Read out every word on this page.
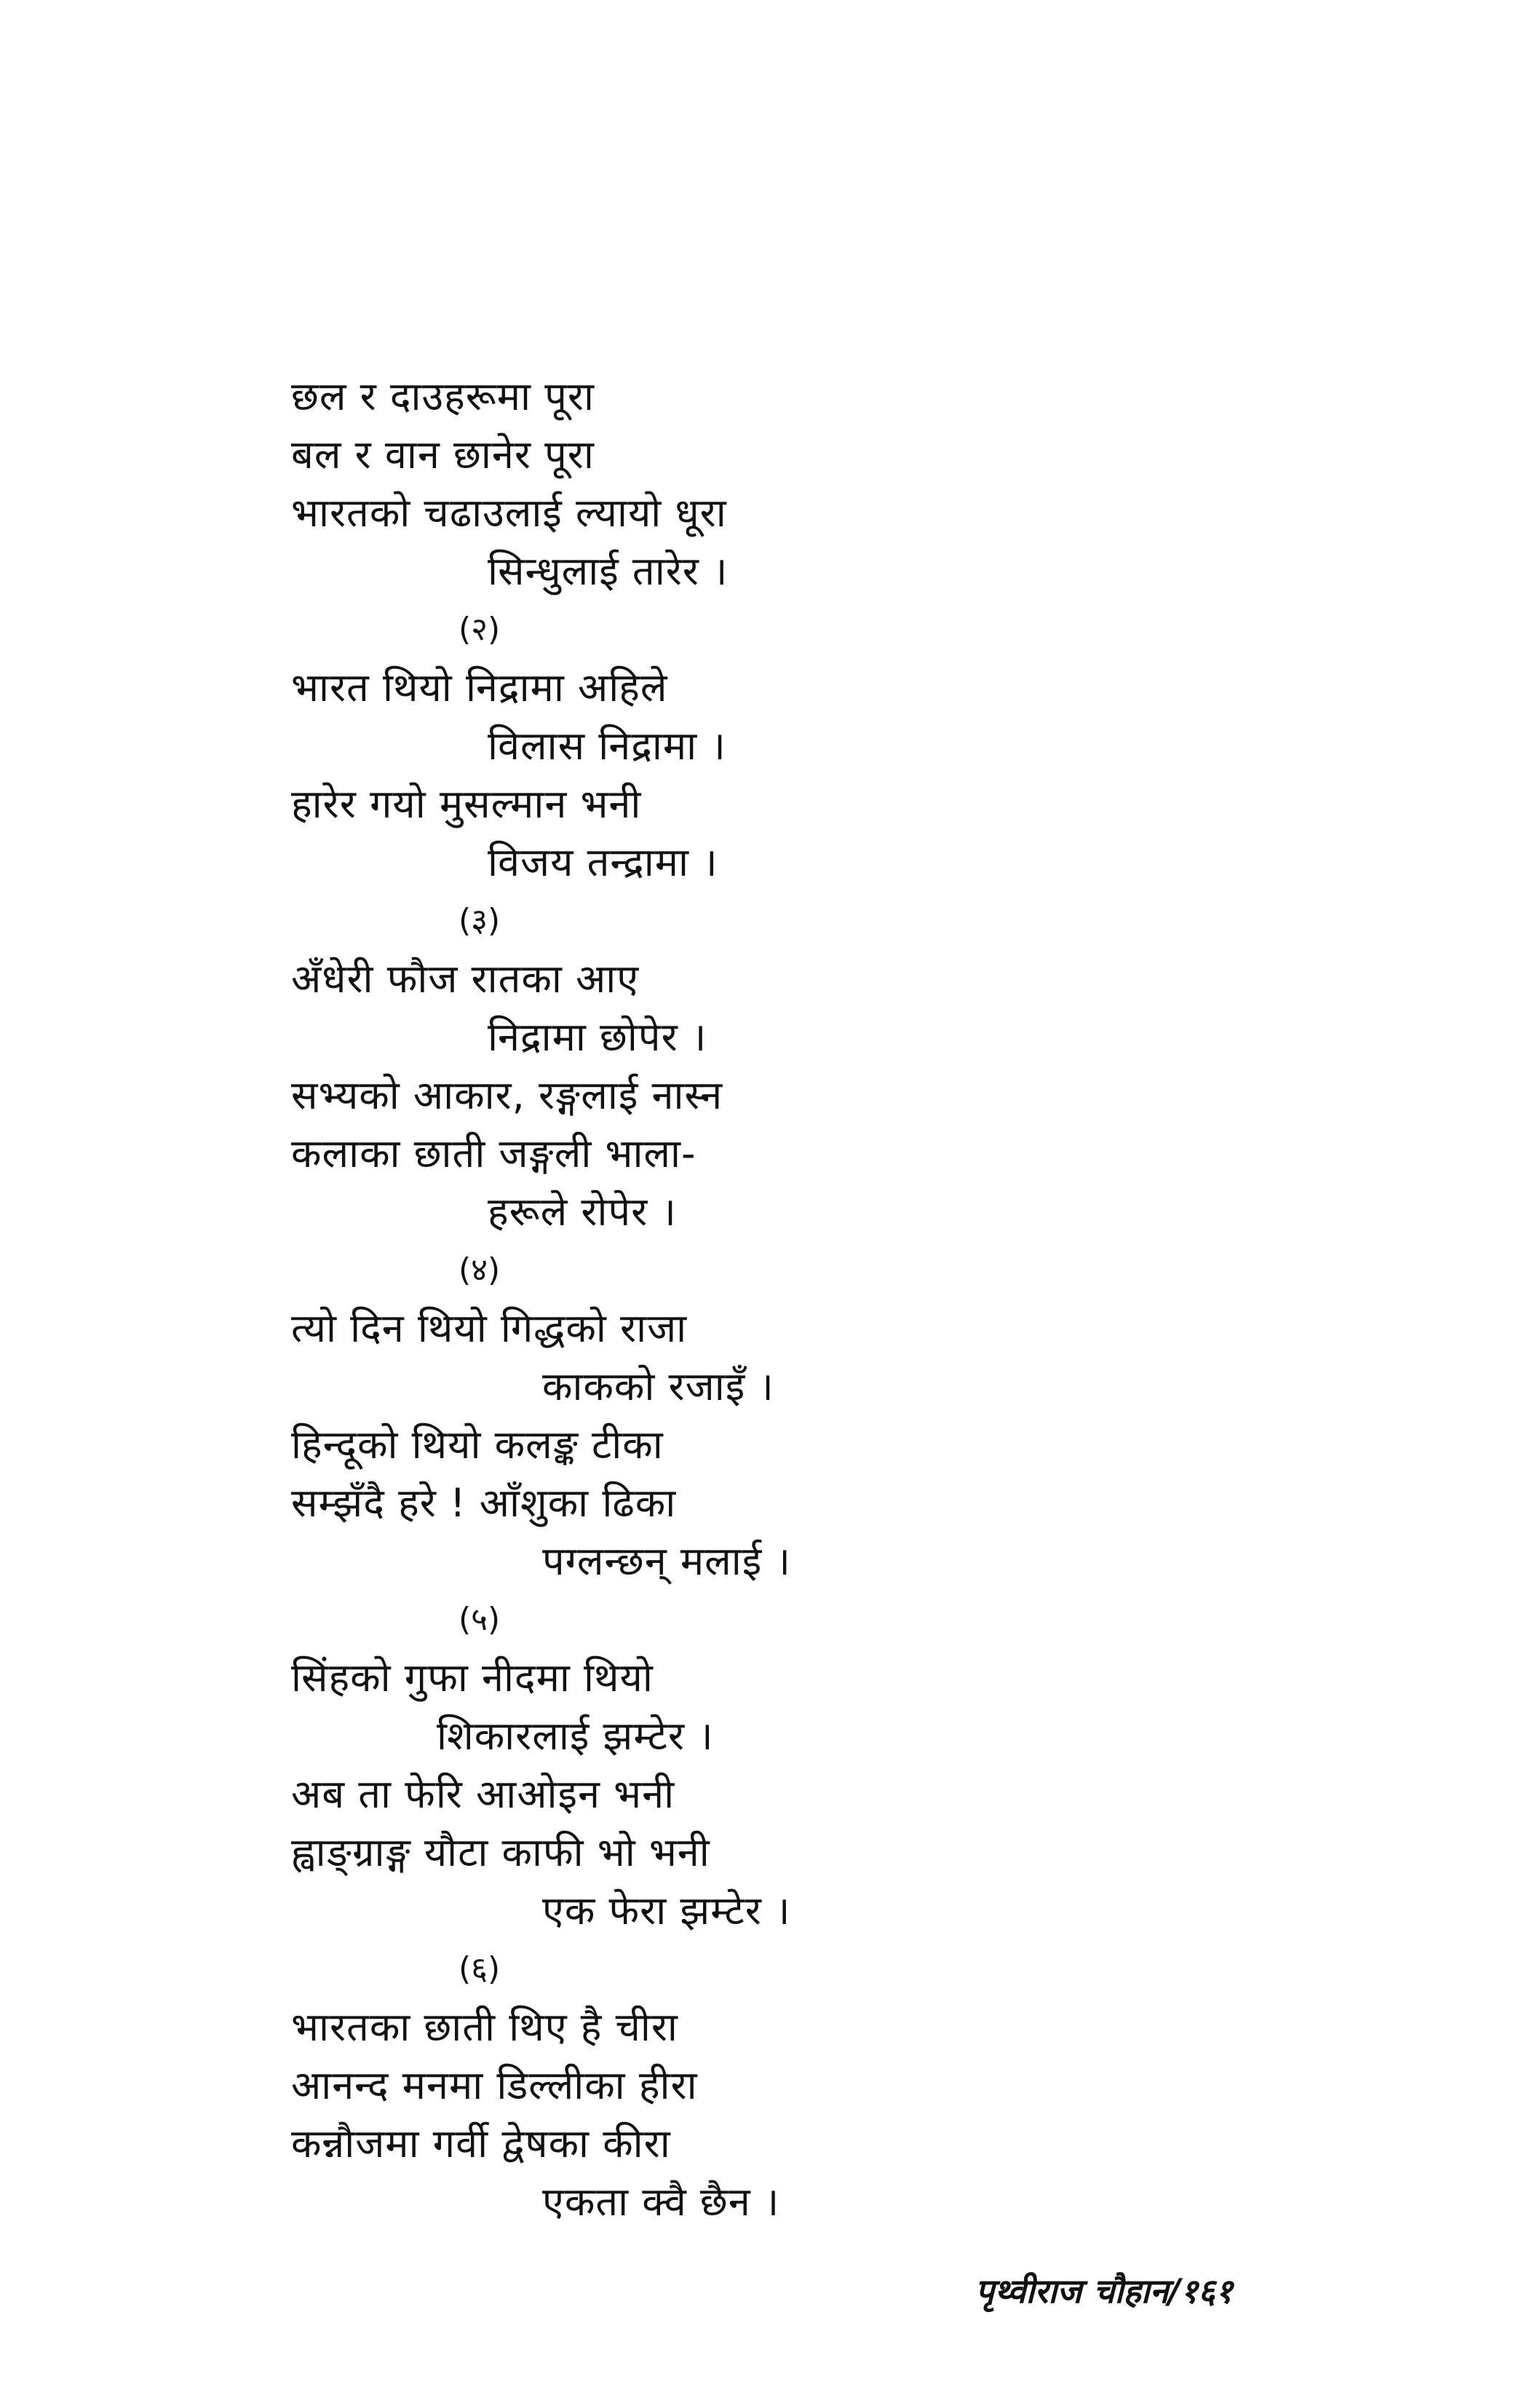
छल र दाउहरूमा पूरा
बल र वान छानेर पूरा
भारतको चढाउलाई ल्यायो धूरा
सिन्धुलाई तारेर ।
(२)
भारत थियो निद्रामा अहिले
विलास निद्रामा ।
हारेर गयो मुसल्मान भनी
विजय तन्द्रामा ।
(३)
अँधेरी फौज रातका आए
निद्रामा छोपेर ।
सभ्यको आकार, रङ्गलाई नास्न
कलाका छाती जङ्गली भाला-
हरूले रोपेर ।
(४)
त्यो दिन थियो गिद्धको राजा
काकको रजाइँ ।
हिन्दूको थियो कलङ्क टीका
सम्झँदै हरे ! आँशुका ढिका
पग्लन्छन् मलाई ।
(५)
सिंहको गुफा नीदमा थियो
शिकारलाई झम्टेर ।
अब ता फेरि आओइन भनी
ह्वाङ्ग्राङ्ग यौटा काफी भो भनी
एक फेरा झम्टेर ।
(६)
भारतका छाती थिए है चीरा
आनन्द मनमा डिल्लीका हीरा
कन्नौजमा गर्वी द्वेषका कीरा
एकता क्वै छैन ।
पृथ्वीराज चौहान/१६१
